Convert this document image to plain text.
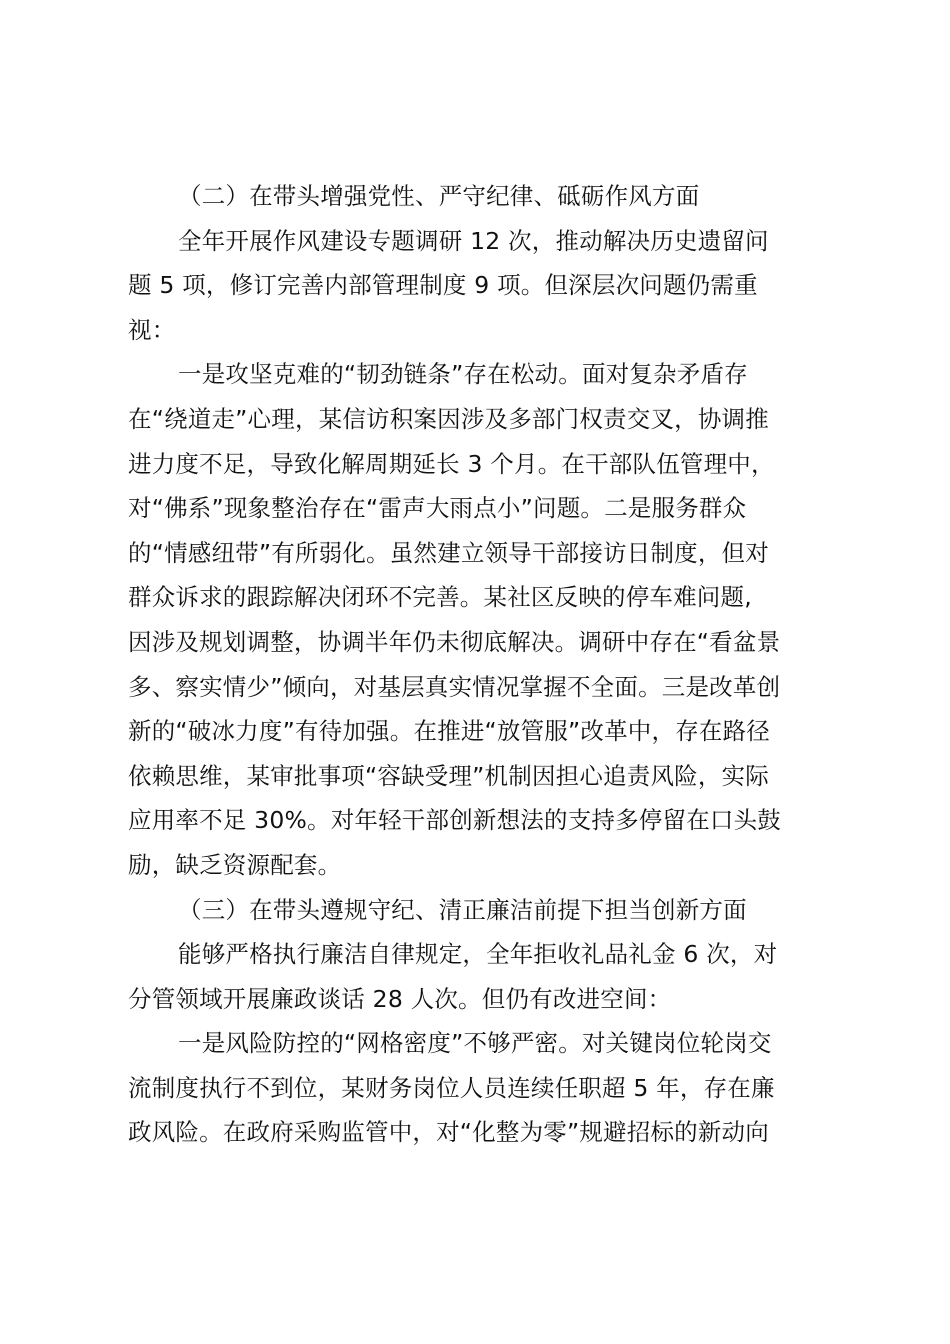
（二）在带头增强党性、严守纪律、砥砺作风方面
全年开展作风建设专题调研 12 次，推动解决历史遗留问
题 5 项，修订完善内部管理制度 9 项。但深层次问题仍需重
视：
一是攻坚克难的“韧劲链条”存在松动。面对复杂矛盾存
在“绕道走”心理，某信访积案因涉及多部门权责交叉，协调推
进力度不足，导致化解周期延长 3 个月。在干部队伍管理中，
对“佛系”现象整治存在“雷声大雨点小”问题。二是服务群众
的“情感纽带”有所弱化。虽然建立领导干部接访日制度，但对
群众诉求的跟踪解决闭环不完善。某社区反映的停车难问题,
因涉及规划调整，协调半年仍未彻底解决。调研中存在“看盆景
多、察实情少”倾向，对基层真实情况掌握不全面。三是改革创
新的“破冰力度”有待加强。在推进“放管服”改革中，存在路径
依赖思维，某审批事项“容缺受理”机制因担心追责风险，实际
应用率不足 30%。对年轻干部创新想法的支持多停留在口头鼓
励，缺乏资源配套。
（三）在带头遵规守纪、清正廉洁前提下担当创新方面
能够严格执行廉洁自律规定，全年拒收礼品礼金 6 次，对
分管领域开展廉政谈话 28 人次。但仍有改进空间：
一是风险防控的“网格密度”不够严密。对关键岗位轮岗交
流制度执行不到位，某财务岗位人员连续任职超 5 年，存在廉
政风险。在政府采购监管中，对“化整为零”规避招标的新动向
